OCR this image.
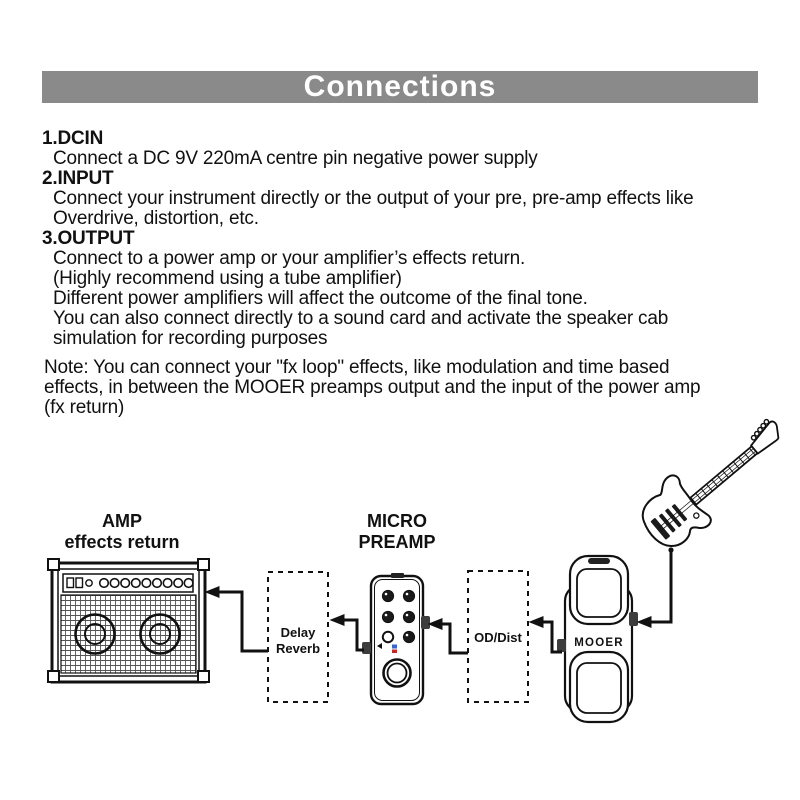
Connections
1.DCIN
Connect a DC 9V 220mA centre pin negative power supply
2.INPUT
Connect your instrument directly or the output of your pre, pre-amp effects like
Overdrive, distortion, etc.
3.OUTPUT
Connect to a power amp or your amplifier’s effects return.
(Highly recommend using a tube amplifier)
Different power amplifiers will affect the outcome of the final tone.
You can also connect directly to a sound card and activate the speaker cab
simulation for recording purposes
Note: You can connect your "fx loop" effects, like modulation and time based
effects, in between the MOOER preamps output and the input of the power amp
(fx return)
AMP
effects return
MICRO
PREAMP
Delay
Reverb
OD/Dist	MOOER
